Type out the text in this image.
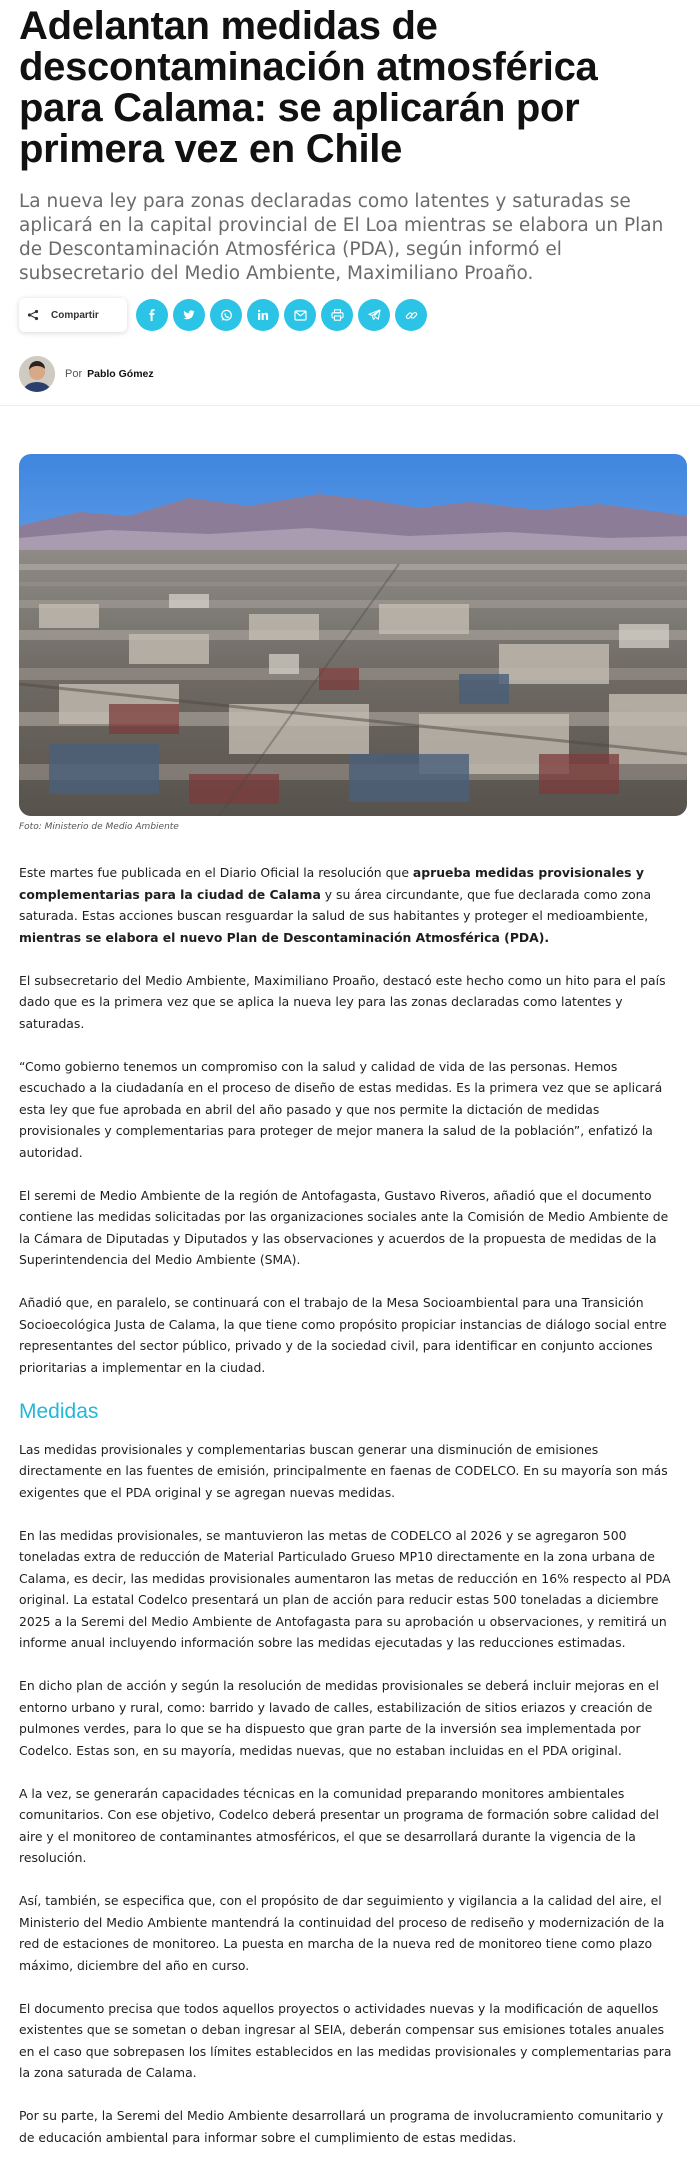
Adelantan medidas de descontaminación atmosférica para Calama: se aplicarán por primera vez en Chile

La nueva ley para zonas declaradas como latentes y saturadas se aplicará en la capital provincial de El Loa mientras se elabora un Plan de Descontaminación Atmosférica (PDA), según informó el subsecretario del Medio Ambiente, Maximiliano Proaño.

Compartir
Por Pablo Gómez
Foto: Ministerio de Medio Ambiente

Este martes fue publicada en el Diario Oficial la resolución que aprueba medidas provisionales y complementarias para la ciudad de Calama y su área circundante, que fue declarada como zona saturada. Estas acciones buscan resguardar la salud de sus habitantes y proteger el medioambiente, mientras se elabora el nuevo Plan de Descontaminación Atmosférica (PDA).

El subsecretario del Medio Ambiente, Maximiliano Proaño, destacó este hecho como un hito para el país dado que es la primera vez que se aplica la nueva ley para las zonas declaradas como latentes y saturadas.

“Como gobierno tenemos un compromiso con la salud y calidad de vida de las personas. Hemos escuchado a la ciudadanía en el proceso de diseño de estas medidas. Es la primera vez que se aplicará esta ley que fue aprobada en abril del año pasado y que nos permite la dictación de medidas provisionales y complementarias para proteger de mejor manera la salud de la población”, enfatizó la autoridad.

El seremi de Medio Ambiente de la región de Antofagasta, Gustavo Riveros, añadió que el documento contiene las medidas solicitadas por las organizaciones sociales ante la Comisión de Medio Ambiente de la Cámara de Diputadas y Diputados y las observaciones y acuerdos de la propuesta de medidas de la Superintendencia del Medio Ambiente (SMA).

Añadió que, en paralelo, se continuará con el trabajo de la Mesa Socioambiental para una Transición Socioecológica Justa de Calama, la que tiene como propósito propiciar instancias de diálogo social entre representantes del sector público, privado y de la sociedad civil, para identificar en conjunto acciones prioritarias a implementar en la ciudad.

Medidas

Las medidas provisionales y complementarias buscan generar una disminución de emisiones directamente en las fuentes de emisión, principalmente en faenas de CODELCO. En su mayoría son más exigentes que el PDA original y se agregan nuevas medidas.

En las medidas provisionales, se mantuvieron las metas de CODELCO al 2026 y se agregaron 500 toneladas extra de reducción de Material Particulado Grueso MP10 directamente en la zona urbana de Calama, es decir, las medidas provisionales aumentaron las metas de reducción en 16% respecto al PDA original. La estatal Codelco presentará un plan de acción para reducir estas 500 toneladas a diciembre 2025 a la Seremi del Medio Ambiente de Antofagasta para su aprobación u observaciones, y remitirá un informe anual incluyendo información sobre las medidas ejecutadas y las reducciones estimadas.

En dicho plan de acción y según la resolución de medidas provisionales se deberá incluir mejoras en el entorno urbano y rural, como: barrido y lavado de calles, estabilización de sitios eriazos y creación de pulmones verdes, para lo que se ha dispuesto que gran parte de la inversión sea implementada por Codelco. Estas son, en su mayoría, medidas nuevas, que no estaban incluidas en el PDA original.

A la vez, se generarán capacidades técnicas en la comunidad preparando monitores ambientales comunitarios. Con ese objetivo, Codelco deberá presentar un programa de formación sobre calidad del aire y el monitoreo de contaminantes atmosféricos, el que se desarrollará durante la vigencia de la resolución.

Así, también, se especifica que, con el propósito de dar seguimiento y vigilancia a la calidad del aire, el Ministerio del Medio Ambiente mantendrá la continuidad del proceso de rediseño y modernización de la red de estaciones de monitoreo. La puesta en marcha de la nueva red de monitoreo tiene como plazo máximo, diciembre del año en curso.

El documento precisa que todos aquellos proyectos o actividades nuevas y la modificación de aquellos existentes que se sometan o deban ingresar al SEIA, deberán compensar sus emisiones totales anuales en el caso que sobrepasen los límites establecidos en las medidas provisionales y complementarias para la zona saturada de Calama.

Por su parte, la Seremi del Medio Ambiente desarrollará un programa de involucramiento comunitario y de educación ambiental para informar sobre el cumplimiento de estas medidas.
